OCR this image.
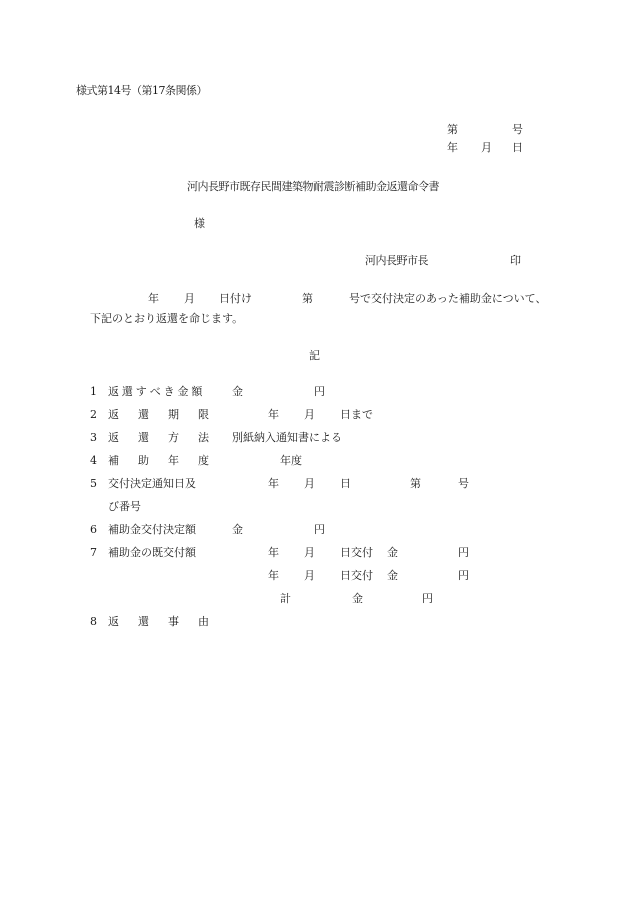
様式第14号（第17条関係）
第	号
年 月 日
河内長野市既存民間建築物耐震診断補助金返還命令書
様
河内長野市長	印
年 月 日付け	第	号で交付決定のあった補助金について、
下記のとおり返還を命じます。
記
1 返 還 す べ き 金 額	金	円
2 返 還 期 限	年 月 日まで
3 返 還 方 法 別紙納入通知書による
4 補 助 年 度	年度
5 交付決定通知日及	年 月 日	第	号
び番号
6 補助金交付決定額	金	円
7 補助金の既交付額	年 月 日交付 金	円
年 月 日交付 金	円
計	金	円
8 返 還 事 由
